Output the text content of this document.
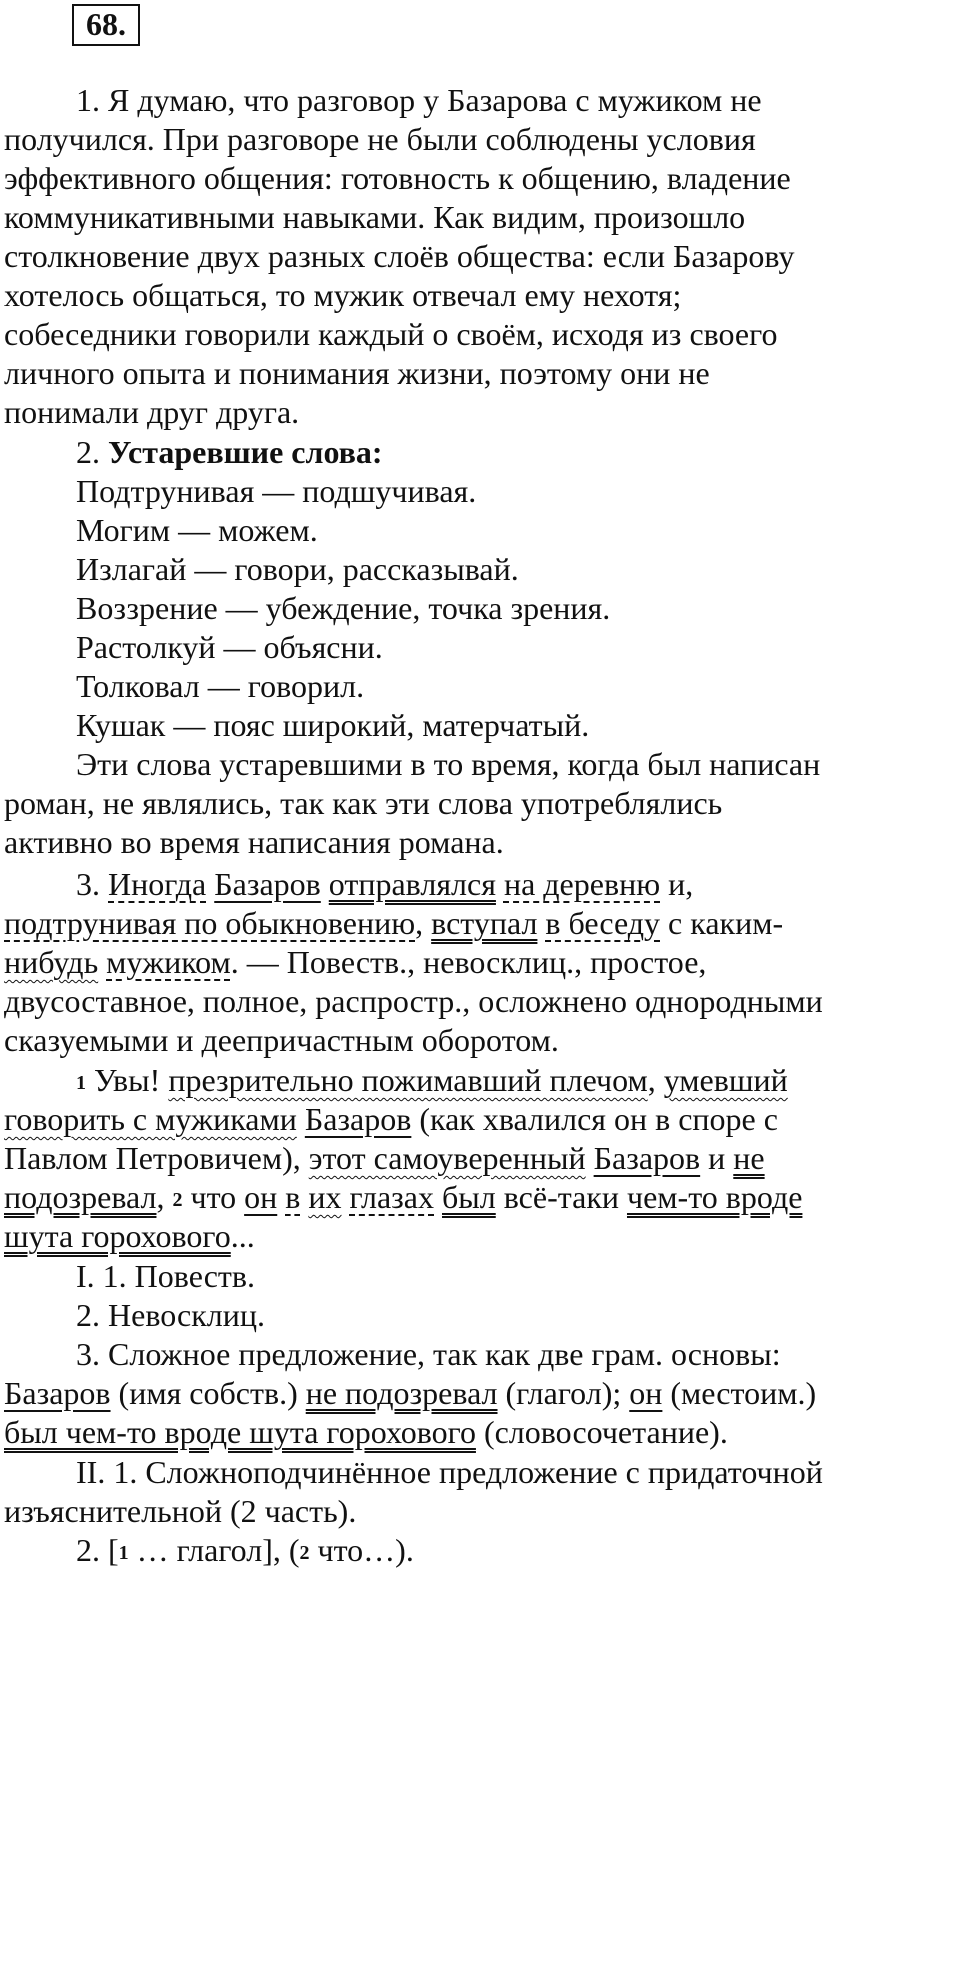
68.
1. Я думаю, что разговор у Базарова с мужиком не
получился. При разговоре не были соблюдены условия
эффективного общения: готовность к общению, владение
коммуникативными навыками. Как видим, произошло
столкновение двух разных слоёв общества: если Базарову
хотелось общаться, то мужик отвечал ему нехотя;
собеседники говорили каждый о своём, исходя из своего
личного опыта и понимания жизни, поэтому они не
понимали друг друга.
2. Устаревшие слова:
Подтрунивая — подшучивая.
Могим — можем.
Излагай — говори, рассказывай.
Воззрение — убеждение, точка зрения.
Растолкуй — объясни.
Толковал — говорил.
Кушак — пояс широкий, матерчатый.
Эти слова устаревшими в то время, когда был написан
роман, не являлись, так как эти слова употреблялись
активно во время написания романа.
3. Иногда Базаров отправлялся на деревню и,
подтрунивая по обыкновению, вступал в беседу с каким-
нибудь мужиком. — Повеств., невосклиц., простое,
двусоставное, полное, распростр., осложнено однородными
сказуемыми и деепричастным оборотом.
1 Увы! презрительно пожимавший плечом, умевший
говорить с мужиками Базаров (как хвалился он в споре с
Павлом Петровичем), этот самоуверенный Базаров и не
подозревал, 2 что он в их глазах был всё-таки чем-то вроде
шута горохового...
I. 1. Повеств.
2. Невосклиц.
3. Сложное предложение, так как две грам. основы:
Базаров (имя собств.) не подозревал (глагол); он (местоим.)
был чем-то вроде шута горохового (словосочетание).
II. 1. Сложноподчинённое предложение с придаточной
изъяснительной (2 часть).
2. [1 … глагол], (2 что…).
